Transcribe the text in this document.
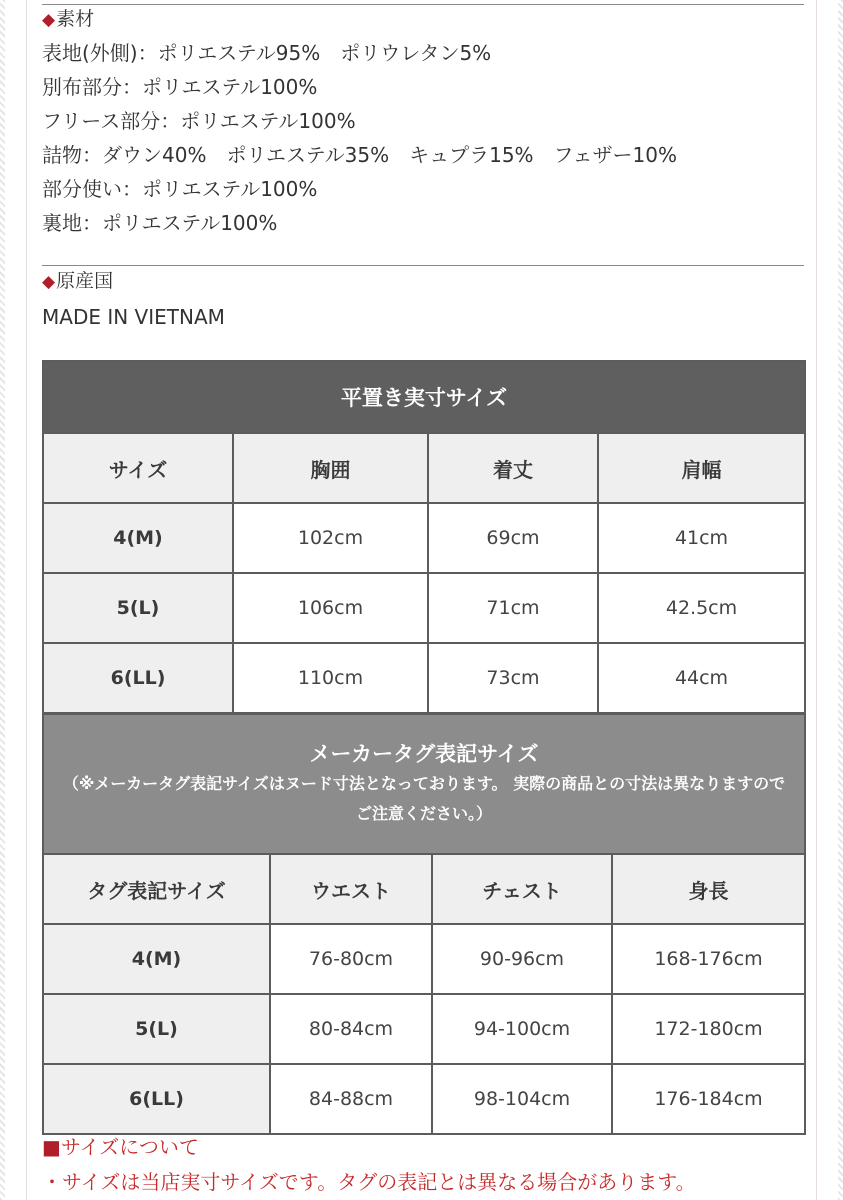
◆素材
表地(外側)：ポリエステル95%　ポリウレタン5%
別布部分：ポリエステル100%
フリース部分：ポリエステル100%
詰物：ダウン40%　ポリエステル35%　キュプラ15%　フェザー10%
部分使い：ポリエステル100%
裏地：ポリエステル100%
◆原産国
MADE IN VIETNAM
平置き実寸サイズ			
サイズ	胸囲	着丈	肩幅
4(M)	102cm	69cm	41cm
5(L)	106cm	71cm	42.5cm
6(LL)	110cm	73cm	44cm
メーカータグ表記サイズ
（※メーカータグ表記サイズはヌード寸法となっております。 実際の商品との寸法は異なりますのでご注意ください。）			

タグ表記サイズ	ウエスト	チェスト	身長
4(M)	76-80cm	90-96cm	168-176cm
5(L)	80-84cm	94-100cm	172-180cm
6(LL)	84-88cm	98-104cm	176-184cm
■サイズについて
・サイズは当店実寸サイズです。タグの表記とは異なる場合があります。
